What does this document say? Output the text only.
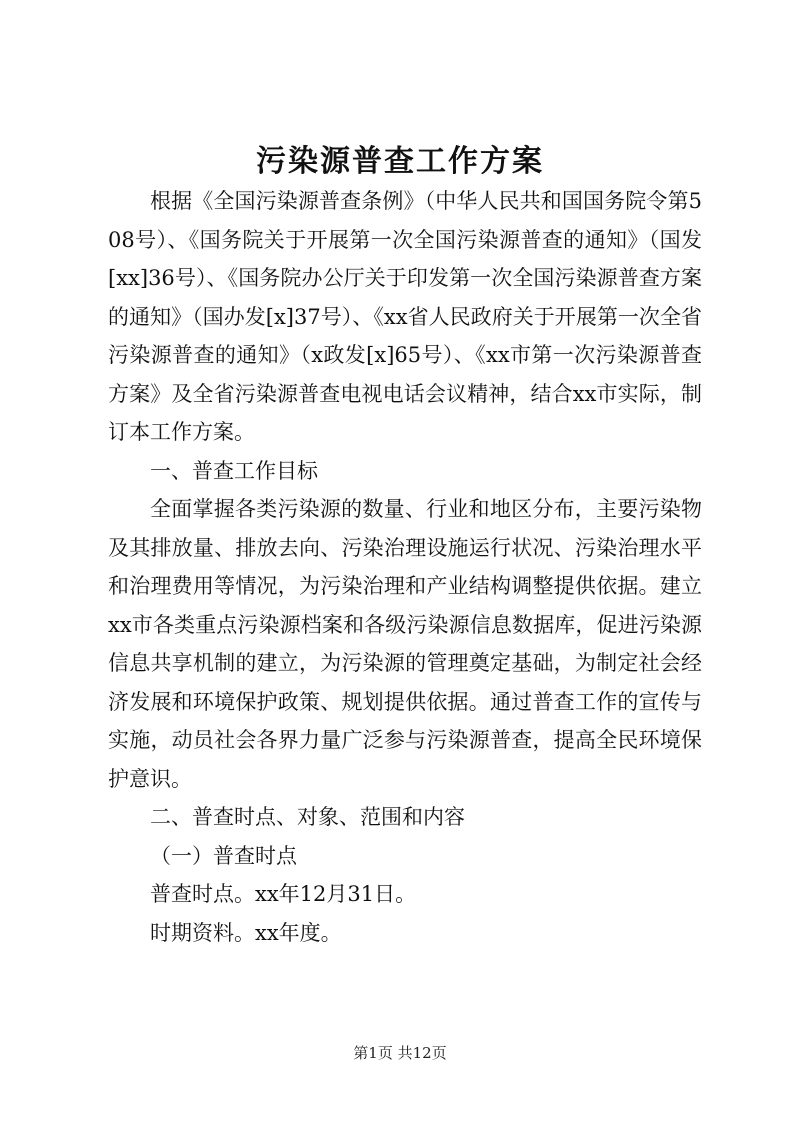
污染源普查工作方案

根据《全国污染源普查条例》（中华人民共和国国务院令第508号）、《国务院关于开展第一次全国污染源普查的通知》（国发[xx]36号）、《国务院办公厅关于印发第一次全国污染源普查方案的通知》（国办发[x]37号）、《xx省人民政府关于开展第一次全省污染源普查的通知》（x政发[x]65号）、《xx市第一次污染源普查方案》及全省污染源普查电视电话会议精神，结合xx市实际，制订本工作方案。

一、普查工作目标

全面掌握各类污染源的数量、行业和地区分布，主要污染物及其排放量、排放去向、污染治理设施运行状况、污染治理水平和治理费用等情况，为污染治理和产业结构调整提供依据。建立xx市各类重点污染源档案和各级污染源信息数据库，促进污染源信息共享机制的建立，为污染源的管理奠定基础，为制定社会经济发展和环境保护政策、规划提供依据。通过普查工作的宣传与实施，动员社会各界力量广泛参与污染源普查，提高全民环境保护意识。

二、普查时点、对象、范围和内容

（一）普查时点

普查时点。xx年12月31日。

时期资料。xx年度。

第1页 共12页
